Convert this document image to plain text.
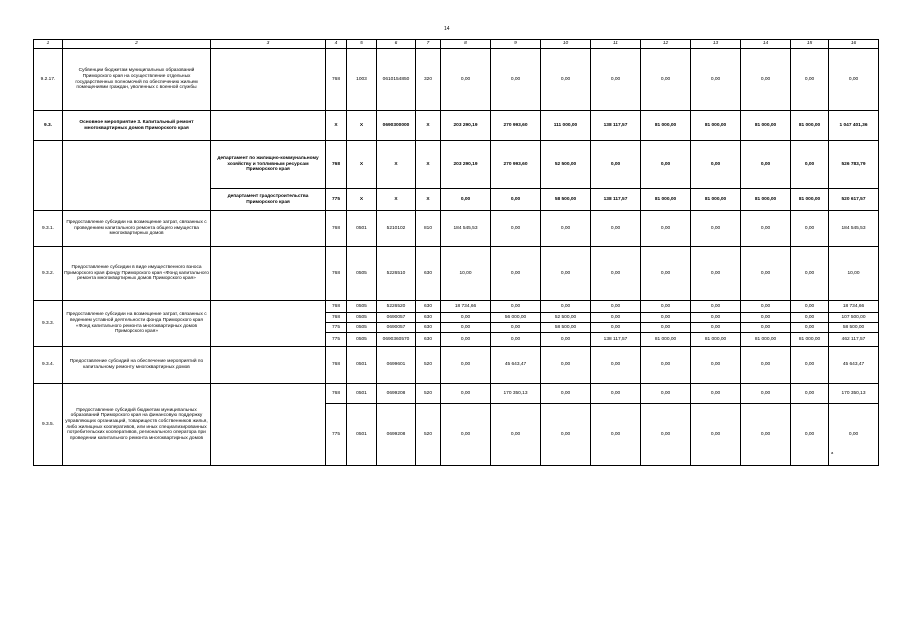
14
1	2	3	4	5	6	7	8	9	10	11	12	13	14	15	16
9.2.17.	Субвенции бюджетам муниципальных образований Приморского края на осуществление отдельных государственных полномочий по обеспечению жильем помещениями граждан, уволенных с военной службы		768	1003	0610154850	320	0,00	0,00	0,00	0,00	0,00	0,00	0,00	0,00	0,00
9.3.	Основное мероприятие 3. Капитальный ремонт многоквартирных домов Приморского края		Х	Х	0690300000	Х	203 290,19	270 993,60	111 000,00	138 117,57	81 000,00	81 000,00	81 000,00	81 000,00	1 047 401,36
		департамент по жилищно-коммунальному хозяйству и топливным ресурсам Приморского края	768	Х	Х	Х	203 290,19	270 993,60	52 500,00	0,00	0,00	0,00	0,00	0,00	526 783,79
		департамент градостроительства Приморского края	775	Х	Х	Х	0,00	0,00	58 500,00	138 117,57	81 000,00	81 000,00	81 000,00	81 000,00	520 617,57
9.3.1.	Предоставление субсидии на возмещение затрат, связанных с проведением капитального ремонта общего имущества многоквартирных домов		768	0501	5210102	810	184 545,53	0,00	0,00	0,00	0,00	0,00	0,00	0,00	184 545,53
9.3.2.	Предоставление субсидии в виде имущественного взноса Приморского края фонду Приморского края «Фонд капитального ремонта многоквартирных домов Приморского края»		768	0505	5226510	630	10,00	0,00	0,00	0,00	0,00	0,00	0,00	0,00	10,00
9.3.3.	Предоставление субсидии на возмещение затрат, связанных с ведением уставной деятельности фонда Приморского края «Фонд капитального ремонта многоквартирных домов Приморского края»		768	0505	5226520	630	18 734,66	0,00	0,00	0,00	0,00	0,00	0,00	0,00	18 734,66
			768	0505	0690057	630	0,00	56 000,00	52 500,00	0,00	0,00	0,00	0,00	0,00	107 500,00
			775	0505	0690057	630	0,00	0,00	58 500,00	0,00	0,00	0,00	0,00	0,00	58 500,00
			775	0505	0690360570	630	0,00	0,00	0,00	138 117,57	81 000,00	81 000,00	81 000,00	81 000,00	462 117,57
9.3.4.	Предоставление субсидий на обеспечение мероприятий по капитальному ремонту многоквартирных домов		768	0501	0699601	520	0,00	45 643,47	0,00	0,00	0,00	0,00	0,00	0,00	45 643,47
9.3.5.	Предоставление субсидий бюджетам муниципальных образований Приморского края на финансовую поддержку управляющих организаций, товариществ собственников жилья, либо жилищных кооперативов, или иных специализированных потребительских кооперативов, регионального оператора при проведении капитального ремонта многоквартирных домов		768	0501	0699208	520	0,00	170 350,13	0,00	0,00	0,00	0,00	0,00	0,00	170 350,13
			775	0501	0699208	520	0,00	0,00	0,00	0,00	0,00	0,00	0,00	0,00	0,00
a
